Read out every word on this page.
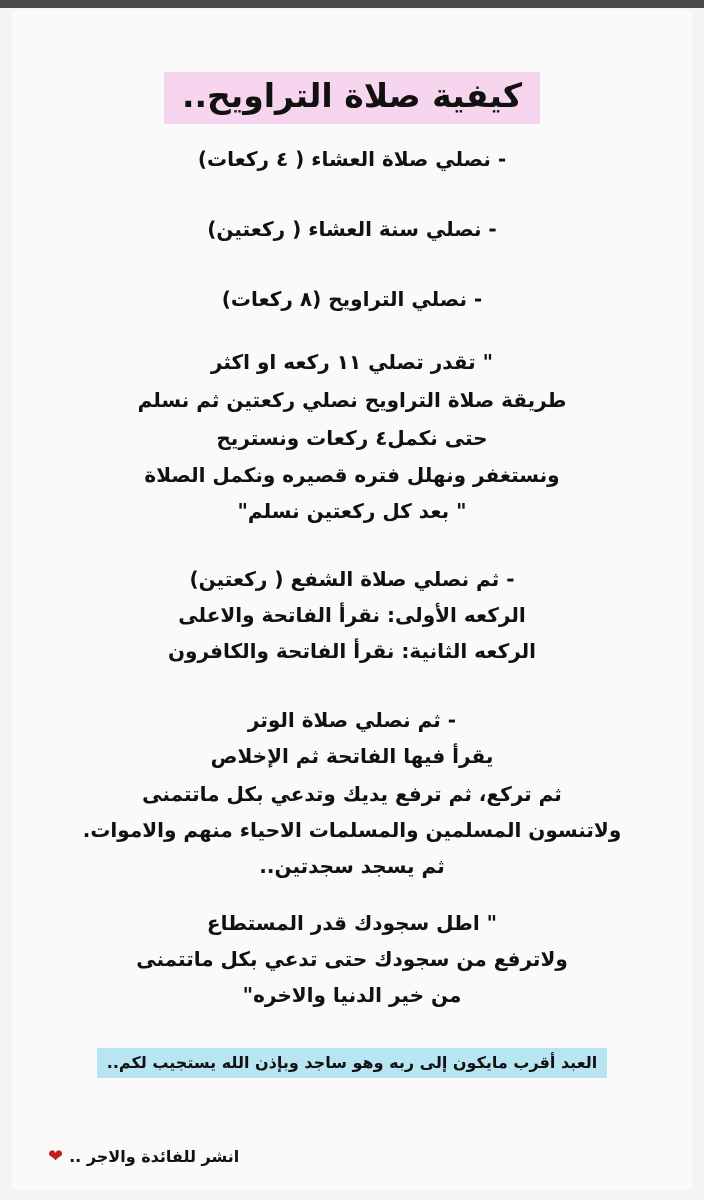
كيفية صلاة التراويح..
- نصلي صلاة العشاء ( ٤ ركعات)
- نصلي سنة العشاء ( ركعتين)
- نصلي التراويح (٨ ركعات)
" تقدر تصلي ١١ ركعه او اكثر
طريقة صلاة التراويح نصلي ركعتين ثم نسلم
حتى نكمل٤ ركعات ونستريح
ونستغفر ونهلل فتره قصيره ونكمل الصلاة
" بعد كل ركعتين نسلم"
- ثم نصلي صلاة الشفع ( ركعتين)
الركعه الأولى: نقرأ الفاتحة والاعلى
الركعه الثانية: نقرأ الفاتحة والكافرون
- ثم نصلي صلاة الوتر
يقرأ فيها الفاتحة ثم الإخلاص
ثم تركع، ثم ترفع يديك وتدعي بكل ماتتمنى
ولاتنسون المسلمين والمسلمات الاحياء منهم والاموات.
ثم يسجد سجدتين..
" اطل سجودك قدر المستطاع
ولاترفع من سجودك حتى تدعي بكل ماتتمنى
من خير الدنيا والاخره"
العبد أقرب مايكون إلى ربه وهو ساجد وبإذن الله يستجيب لكم..
انشر للفائدة والاجر ..
❤
